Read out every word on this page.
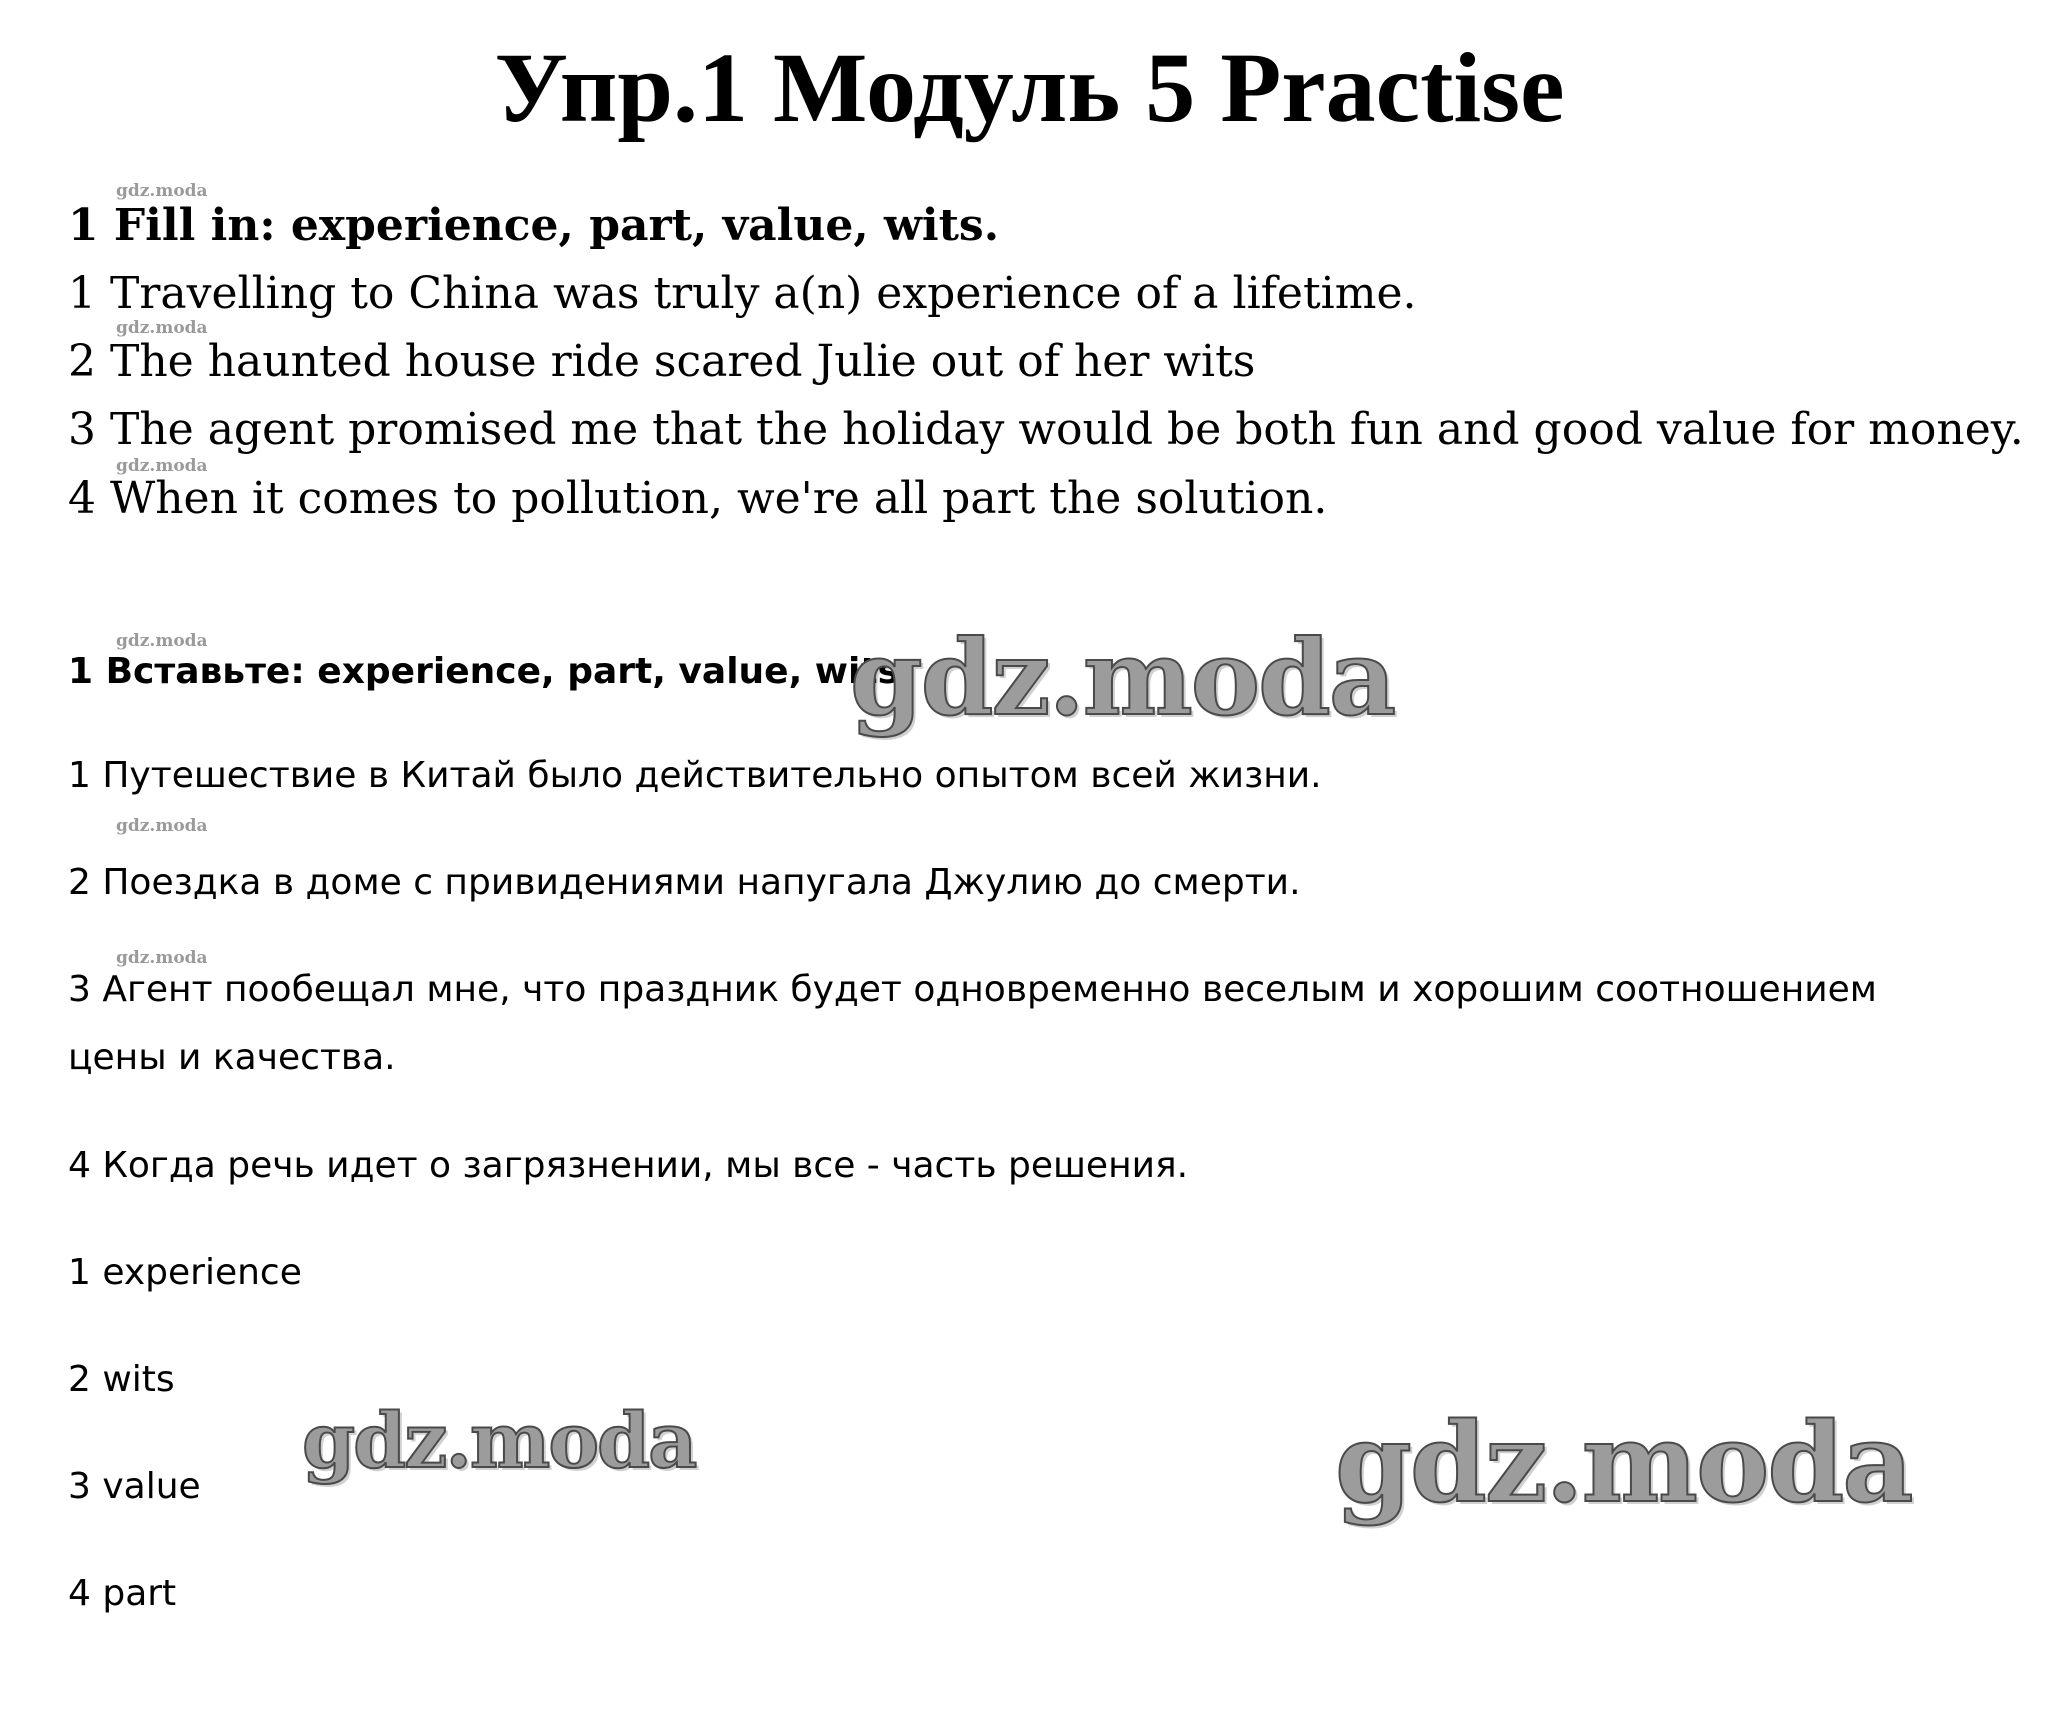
Упр.1 Модуль 5 Practise
gdz.moda
gdz.moda
gdz.moda
gdz.moda
gdz.moda
gdz.moda
1 Fill in: experience, part, value, wits.
1 Travelling to China was truly a(n) experience of a lifetime.
2 The haunted house ride scared Julie out of her wits
3 The agent promised me that the holiday would be both fun and good value for money.
4 When it comes to pollution, we're all part the solution.
1 Вставьте: experience, part, value, wits.
1 Путешествие в Китай было действительно опытом всей жизни.
2 Поездка в доме с привидениями напугала Джулию до смерти.
3 Агент пообещал мне, что праздник будет одновременно веселым и хорошим соотношением
цены и качества.
4 Когда речь идет о загрязнении, мы все - часть решения.
1 experience
2 wits
3 value
4 part
gdz.moda
gdz.moda	gdz.moda
